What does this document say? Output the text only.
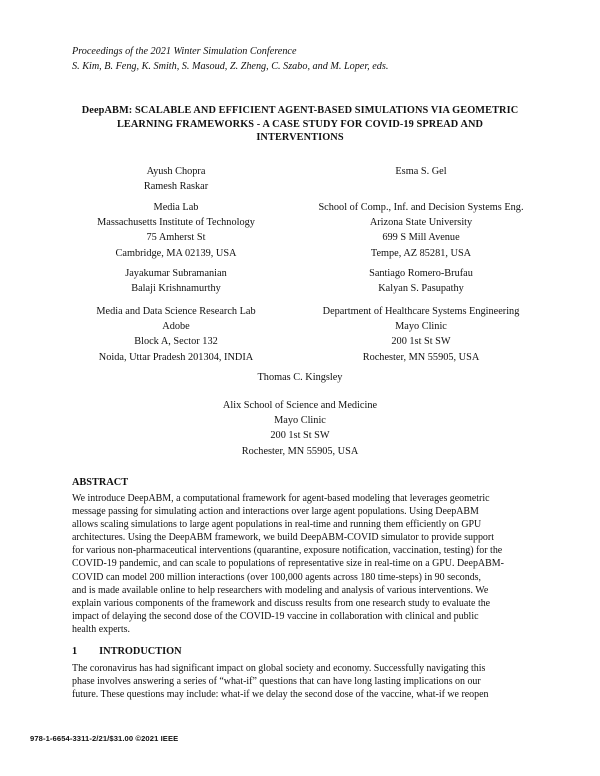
Proceedings of the 2021 Winter Simulation Conference
S. Kim, B. Feng, K. Smith, S. Masoud, Z. Zheng, C. Szabo, and M. Loper, eds.
DeepABM: SCALABLE AND EFFICIENT AGENT-BASED SIMULATIONS VIA GEOMETRIC
LEARNING FRAMEWORKS - A CASE STUDY FOR COVID-19 SPREAD AND
INTERVENTIONS
Ayush Chopra
Ramesh Raskar
Media Lab
Massachusetts Institute of Technology
75 Amherst St
Cambridge, MA 02139, USA
Esma S. Gel
School of Comp., Inf. and Decision Systems Eng.
Arizona State University
699 S Mill Avenue
Tempe, AZ 85281, USA
Jayakumar Subramanian
Balaji Krishnamurthy
Media and Data Science Research Lab
Adobe
Block A, Sector 132
Noida, Uttar Pradesh 201304, INDIA
Santiago Romero-Brufau
Kalyan S. Pasupathy
Department of Healthcare Systems Engineering
Mayo Clinic
200 1st St SW
Rochester, MN 55905, USA
Thomas C. Kingsley
Alix School of Science and Medicine
Mayo Clinic
200 1st St SW
Rochester, MN 55905, USA
ABSTRACT
We introduce DeepABM, a computational framework for agent-based modeling that leverages geometric
message passing for simulating action and interactions over large agent populations. Using DeepABM
allows scaling simulations to large agent populations in real-time and running them efficiently on GPU
architectures. Using the DeepABM framework, we build DeepABM-COVID simulator to provide support
for various non-pharmaceutical interventions (quarantine, exposure notification, vaccination, testing) for the
COVID-19 pandemic, and can scale to populations of representative size in real-time on a GPU. DeepABM-
COVID can model 200 million interactions (over 100,000 agents across 180 time-steps) in 90 seconds,
and is made available online to help researchers with modeling and analysis of various interventions. We
explain various components of the framework and discuss results from one research study to evaluate the
impact of delaying the second dose of the COVID-19 vaccine in collaboration with clinical and public
health experts.
1 INTRODUCTION
The coronavirus has had significant impact on global society and economy. Successfully navigating this
phase involves answering a series of “what-if” questions that can have long lasting implications on our
future. These questions may include: what-if we delay the second dose of the vaccine, what-if we reopen
978-1-6654-3311-2/21/$31.00 ©2021 IEEE
